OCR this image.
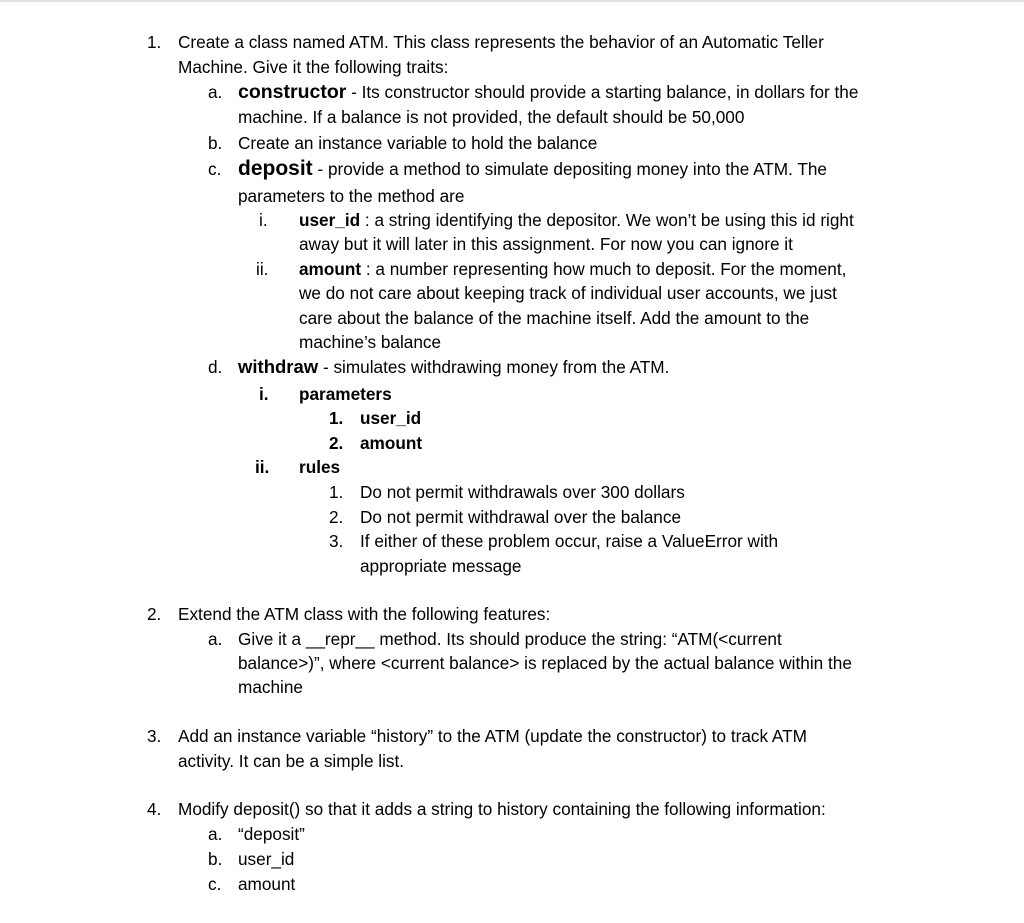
1. Create a class named ATM. This class represents the behavior of an Automatic Teller
Machine. Give it the following traits:
a. constructor - Its constructor should provide a starting balance, in dollars for the
machine. If a balance is not provided, the default should be 50,000
b. Create an instance variable to hold the balance
c. deposit - provide a method to simulate depositing money into the ATM. The
parameters to the method are
i. user_id : a string identifying the depositor. We won’t be using this id right
away but it will later in this assignment. For now you can ignore it
ii. amount : a number representing how much to deposit. For the moment,
we do not care about keeping track of individual user accounts, we just
care about the balance of the machine itself. Add the amount to the
machine’s balance
d. withdraw - simulates withdrawing money from the ATM.
i. parameters
1. user_id
2. amount
ii. rules
1. Do not permit withdrawals over 300 dollars
2. Do not permit withdrawal over the balance
3. If either of these problem occur, raise a ValueError with
appropriate message
2. Extend the ATM class with the following features:
a. Give it a __repr__ method. Its should produce the string: “ATM(<current
balance>)”, where <current balance> is replaced by the actual balance within the
machine
3. Add an instance variable “history” to the ATM (update the constructor) to track ATM
activity. It can be a simple list.
4. Modify deposit() so that it adds a string to history containing the following information:
a. “deposit”
b. user_id
c. amount
